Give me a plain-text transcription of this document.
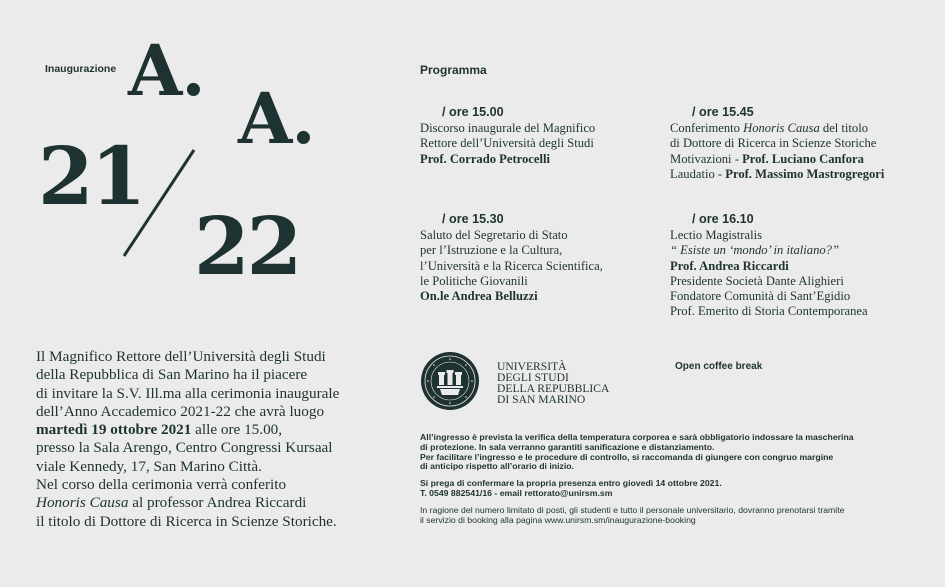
Inaugurazione A.
A.
21
22

Il Magnifico Rettore dell’Università degli Studi

della Repubblica di San Marino ha il piacere

di invitare la S.V. Ill.ma alla cerimonia inaugurale

dell’Anno Accademico 2021-22 che avrà luogo

martedì 19 ottobre 2021 alle ore 15.00,

presso la Sala Arengo, Centro Congressi Kursaal

viale Kennedy, 17, San Marino Città.

Nel corso della cerimonia verrà conferito

Honoris Causa al professor Andrea Riccardi

il titolo di Dottore di Ricerca in Scienze Storiche.

Programma
/ ore 15.00
Discorso inaugurale del Magnifico
Rettore dell’Università degli Studi
Prof. Corrado Petrocelli
/ ore 15.45
Conferimento Honoris Causa del titolo
di Dottore di Ricerca in Scienze Storiche
Motivazioni - Prof. Luciano Canfora
Laudatio - Prof. Massimo Mastrogregori
/ ore 15.30
Saluto del Segretario di Stato
per l’Istruzione e la Cultura,
l’Università e la Ricerca Scientifica,
le Politiche Giovanili
On.le Andrea Belluzzi
/ ore 16.10
Lectio Magistralis
“ Esiste un ‘mondo’ in italiano?”
Prof. Andrea Riccardi
Presidente Società Dante Alighieri
Fondatore Comunità di Sant’Egidio
Prof. Emerito di Storia Contemporanea
UNIVERSITÀ
DEGLI STUDI
DELLA REPUBBLICA
DI SAN MARINO
Open coffee break
All’ingresso è prevista la verifica della temperatura corporea e sarà obbligatorio indossare la mascherina
di protezione. In sala verranno garantiti sanificazione e distanziamento.
Per facilitare l’ingresso e le procedure di controllo, si raccomanda di giungere con congruo margine
di anticipo rispetto all’orario di inizio.
Si prega di confermare la propria presenza entro giovedì 14 ottobre 2021.
T. 0549 882541/16 - email rettorato@unirsm.sm
In ragione del numero limitato di posti, gli studenti e tutto il personale universitario, dovranno prenotarsi tramite
il servizio di booking alla pagina www.unirsm.sm/inaugurazione-booking
